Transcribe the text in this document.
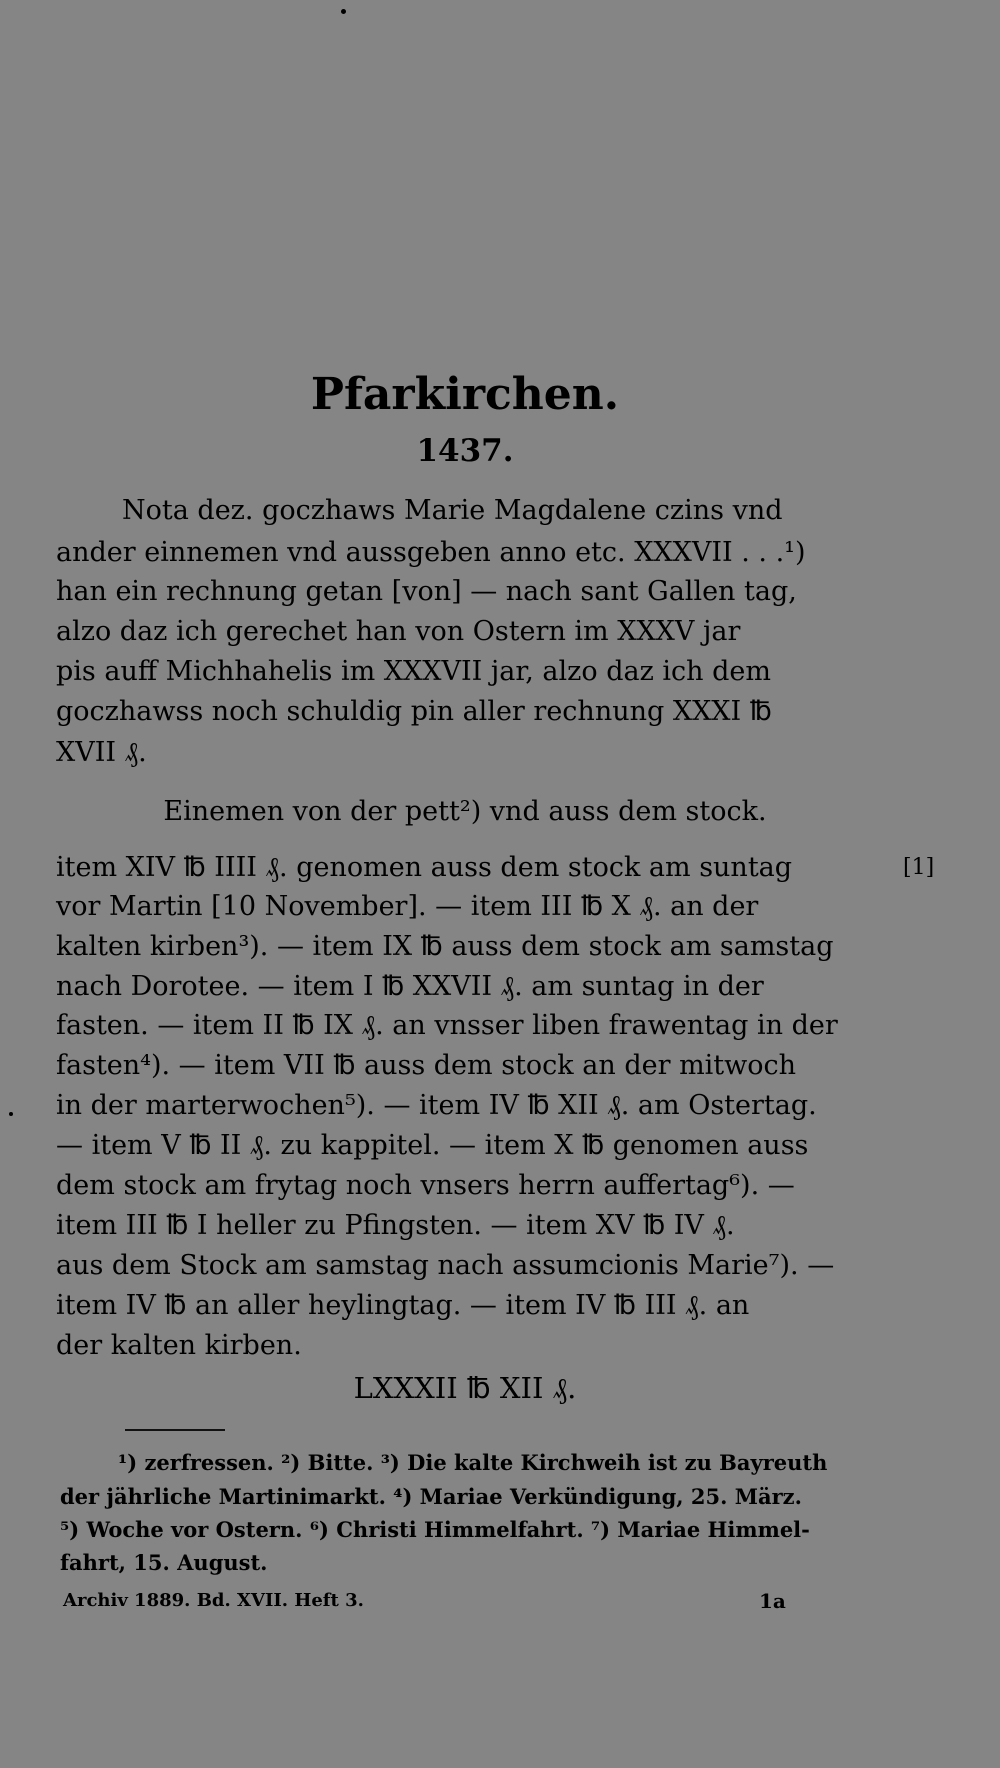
Pfarkirchen.
1437.
Nota dez. goczhaws Marie Magdalene czins vnd
ander einnemen vnd aussgeben anno etc. XXXVII . . .¹)
han ein rechnung getan [von] — nach sant Gallen tag,
alzo daz ich gerechet han von Ostern im XXXV jar
pis auff Michhahelis im XXXVII jar, alzo daz ich dem
goczhawss noch schuldig pin aller rechnung XXXI ℔
XVII ₰.
Einemen von der pett²) vnd auss dem stock.
[1]
item XIV ℔ IIII ₰. genomen auss dem stock am suntag
vor Martin [10 November]. — item III ℔ X ₰. an der
kalten kirben³). — item IX ℔ auss dem stock am samstag
nach Dorotee. — item I ℔ XXVII ₰. am suntag in der
fasten. — item II ℔ IX ₰. an vnsser liben frawentag in der
fasten⁴). — item VII ℔ auss dem stock an der mitwoch
in der marterwochen⁵). — item IV ℔ XII ₰. am Ostertag.
— item V ℔ II ₰. zu kappitel. — item X ℔ genomen auss
dem stock am frytag noch vnsers herrn auffertag⁶). —
item III ℔ I heller zu Pfingsten. — item XV ℔ IV ₰.
aus dem Stock am samstag nach assumcionis Marie⁷). —
item IV ℔ an aller heylingtag. — item IV ℔ III ₰. an
der kalten kirben.
LXXXII ℔ XII ₰.
¹) zerfressen. ²) Bitte. ³) Die kalte Kirchweih ist zu Bayreuth
der jährliche Martinimarkt. ⁴) Mariae Verkündigung, 25. März.
⁵) Woche vor Ostern. ⁶) Christi Himmelfahrt. ⁷) Mariae Himmel-
fahrt, 15. August.
Archiv 1889. Bd. XVII. Heft 3.	1a
